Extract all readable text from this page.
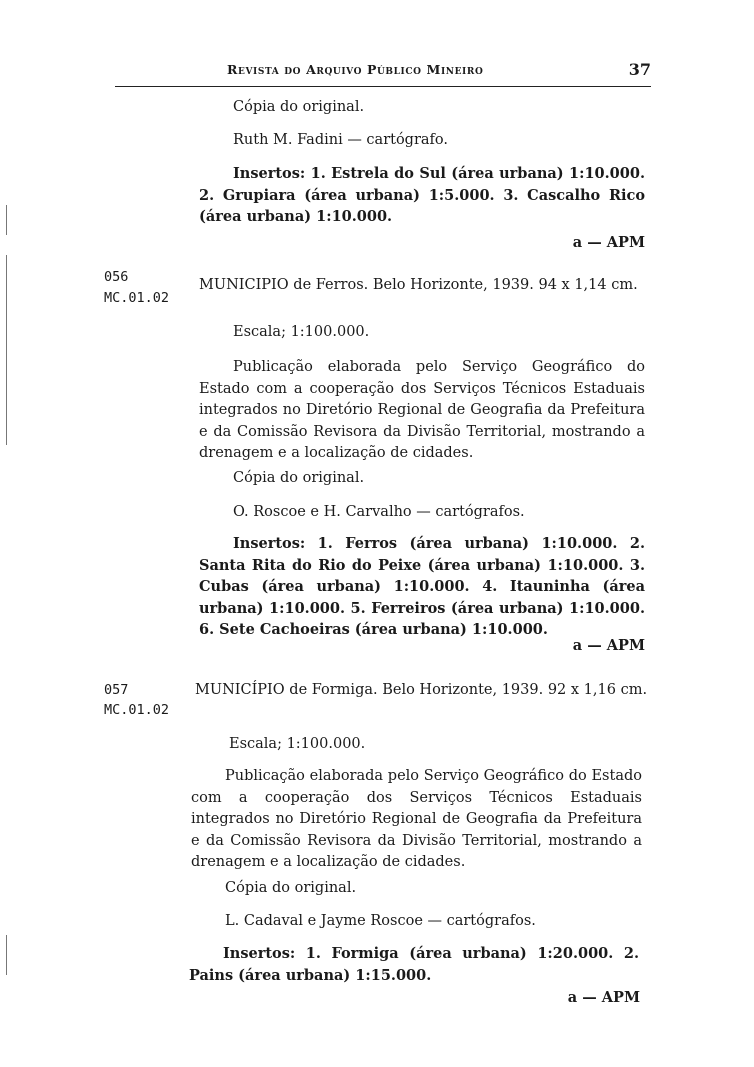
Revista do Arquivo Público Mineiro	37
Cópia do original.
Ruth M. Fadini — cartógrafo.
Insertos: 1. Estrela do Sul (área urbana) 1:10.000. 2. Grupiara (área urbana) 1:5.000. 3. Cascalho Rico (área urbana) 1:10.000.
a — APM
056
MC.01.02
MUNICIPIO de Ferros. Belo Horizonte, 1939. 94 x 1,14 cm.
Escala; 1:100.000.
Publicação elaborada pelo Serviço Geográfico do Estado com a cooperação dos Serviços Técnicos Estaduais integrados no Diretório Regional de Geografia da Prefeitura e da Comissão Revisora da Divisão Territorial, mostrando a drenagem e a localização de cidades.
Cópia do original.
O. Roscoe e H. Carvalho — cartógrafos.
Insertos: 1. Ferros (área urbana) 1:10.000. 2. Santa Rita do Rio do Peixe (área urbana) 1:10.000. 3. Cubas (área urbana) 1:10.000. 4. Itauninha (área urbana) 1:10.000. 5. Ferreiros (área urbana) 1:10.000. 6. Sete Cachoeiras (área urbana) 1:10.000.
a — APM
057
MC.01.02
MUNICÍPIO de Formiga. Belo Horizonte, 1939. 92 x 1,16 cm.
Escala; 1:100.000.
Publicação elaborada pelo Serviço Geográfico do Estado com a cooperação dos Serviços Técnicos Estaduais integrados no Diretório Regional de Geografia da Prefeitura e da Comissão Revisora da Divisão Territorial, mostrando a drenagem e a localização de cidades.
Cópia do original.
L. Cadaval e Jayme Roscoe — cartógrafos.
Insertos: 1. Formiga (área urbana) 1:20.000. 2. Pains (área urbana) 1:15.000.
a — APM
